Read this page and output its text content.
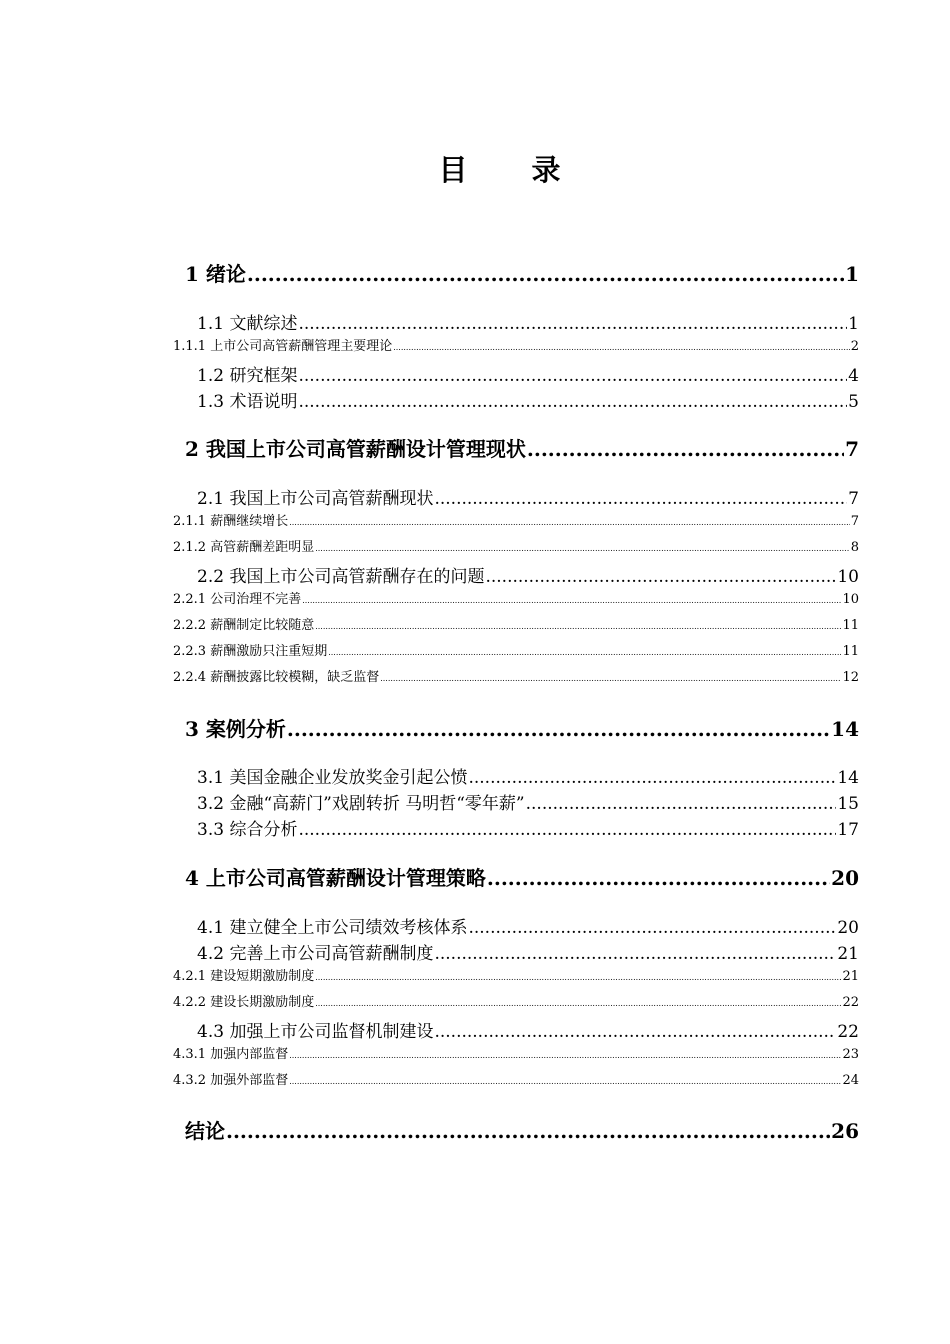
目录
1 绪论 .....	1
1.1 文献综述 .....	1
1.1.1 上市公司高管薪酬管理主要理论 .....	2
1.2 研究框架 .....	4
1.3 术语说明 .....	5
2 我国上市公司高管薪酬设计管理现状 .....	7
2.1 我国上市公司高管薪酬现状 .....	7
2.1.1 薪酬继续增长 .....	7
2.1.2 高管薪酬差距明显 .....	8
2.2 我国上市公司高管薪酬存在的问题 .....	10
2.2.1 公司治理不完善 .....	10
2.2.2 薪酬制定比较随意 .....	11
2.2.3 薪酬激励只注重短期 .....	11
2.2.4 薪酬披露比较模糊，缺乏监督 .....	12
3 案例分析 .....	14
3.1 美国金融企业发放奖金引起公愤 .....	14
3.2 金融“高薪门”戏剧转折 马明哲“零年薪” .....	15
3.3 综合分析 .....	17
4 上市公司高管薪酬设计管理策略 .....	20
4.1 建立健全上市公司绩效考核体系 .....	20
4.2 完善上市公司高管薪酬制度 .....	21
4.2.1 建设短期激励制度 .....	21
4.2.2 建设长期激励制度 .....	22
4.3 加强上市公司监督机制建设 .....	22
4.3.1 加强内部监督 .....	23
4.3.2 加强外部监督 .....	24
结论 .....	26
